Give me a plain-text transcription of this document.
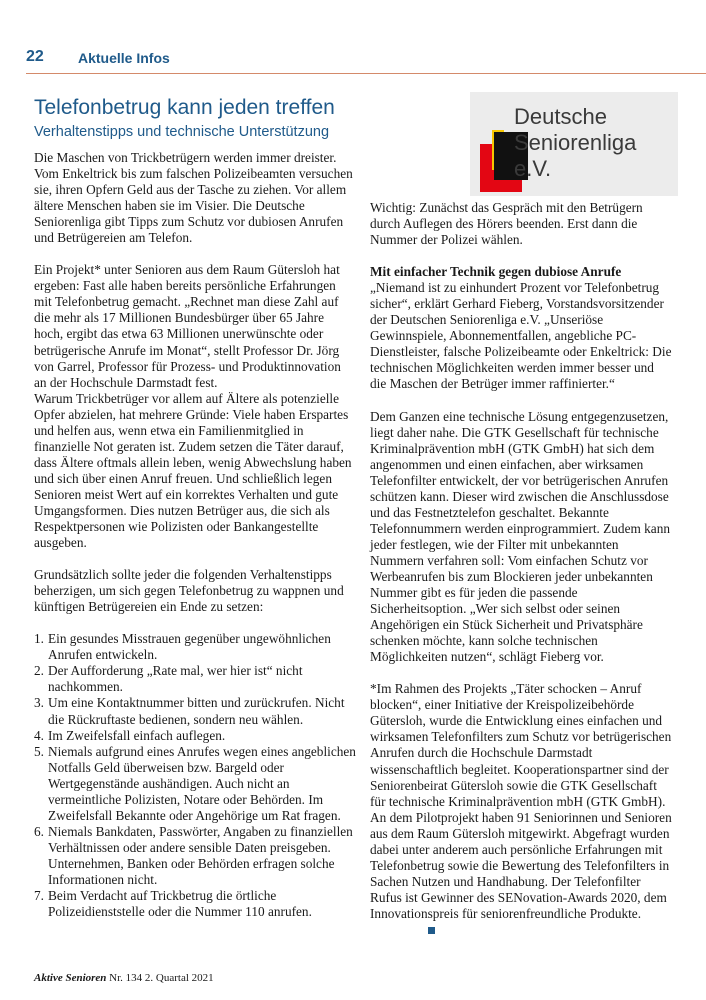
22 Aktuelle Infos
Deutsche
Seniorenliga e.V.
Telefonbetrug kann jeden treffen
Verhaltenstipps und technische Unterstützung

Die Maschen von Trickbetrügern werden immer dreister. Vom Enkeltrick bis zum falschen Polizeibeamten versuchen sie, ihren Opfern Geld aus der Tasche zu ziehen. Vor allem ältere Menschen haben sie im Visier. Die Deutsche Seniorenliga gibt Tipps zum Schutz vor dubiosen Anrufen und Betrügereien am Telefon.

Ein Projekt* unter Senioren aus dem Raum Gütersloh hat ergeben: Fast alle haben bereits persönliche Erfahrungen mit Telefonbetrug gemacht. „Rechnet man diese Zahl auf die mehr als 17 Millionen Bundesbürger über 65 Jahre hoch, ergibt das etwa 63 Millionen unerwünschte oder betrügerische Anrufe im Monat“, stellt Professor Dr. Jörg von Garrel, Professor für Prozess- und Produktinnovation an der Hochschule Darmstadt fest.

Warum Trickbetrüger vor allem auf Ältere als potenzielle Opfer abzielen, hat mehrere Gründe: Viele haben Erspartes und helfen aus, wenn etwa ein Familienmitglied in finanzielle Not geraten ist. Zudem setzen die Täter darauf, dass Ältere oftmals allein leben, wenig Abwechslung haben und sich über einen Anruf freuen. Und schließlich legen Senioren meist Wert auf ein korrektes Verhalten und gute Umgangsformen. Dies nutzen Betrüger aus, die sich als Respektpersonen wie Polizisten oder Bankangestellte ausgeben.

Grundsätzlich sollte jeder die folgenden Verhaltenstipps beherzigen, um sich gegen Telefonbetrug zu wappnen und künftigen Betrügereien ein Ende zu setzen:

1. Ein gesundes Misstrauen gegenüber ungewöhnlichen Anrufen entwickeln.
2. Der Aufforderung „Rate mal, wer hier ist“ nicht nachkommen.
3. Um eine Kontaktnummer bitten und zurückrufen. Nicht die Rückruftaste bedienen, sondern neu wählen.
4. Im Zweifelsfall einfach auflegen.
5. Niemals aufgrund eines Anrufes wegen eines angeblichen Notfalls Geld überweisen bzw. Bargeld oder Wertgegenstände aushändigen. Auch nicht an vermeintliche Polizisten, Notare oder Behörden. Im Zweifelsfall Bekannte oder Angehörige um Rat fragen.
6. Niemals Bankdaten, Passwörter, Angaben zu finanziellen Verhältnissen oder andere sensible Daten preisgeben. Unternehmen, Banken oder Behörden erfragen solche Informationen nicht.
7. Beim Verdacht auf Trickbetrug die örtliche Polizeidienststelle oder die Nummer 110 anrufen.

Wichtig: Zunächst das Gespräch mit den Betrügern durch Auflegen des Hörers beenden. Erst dann die Nummer der Polizei wählen.

Mit einfacher Technik gegen dubiose Anrufe

„Niemand ist zu einhundert Prozent vor Telefonbetrug sicher“, erklärt Gerhard Fieberg, Vorstandsvorsitzender der Deutschen Seniorenliga e.V. „Unseriöse Gewinnspiele, Abonnementfallen, angebliche PC-Dienstleister, falsche Polizeibeamte oder Enkeltrick: Die technischen Möglichkeiten werden immer besser und die Maschen der Betrüger immer raffinierter.“

Dem Ganzen eine technische Lösung entgegenzusetzen, liegt daher nahe. Die GTK Gesellschaft für technische Kriminalprävention mbH (GTK GmbH) hat sich dem angenommen und einen einfachen, aber wirksamen Telefonfilter entwickelt, der vor betrügerischen Anrufen schützen kann. Dieser wird zwischen die Anschlussdose und das Festnetztelefon geschaltet. Bekannte Telefonnummern werden einprogrammiert. Zudem kann jeder festlegen, wie der Filter mit unbekannten Nummern verfahren soll: Vom einfachen Schutz vor Werbeanrufen bis zum Blockieren jeder unbekannten Nummer gibt es für jeden die passende Sicherheitsoption. „Wer sich selbst oder seinen Angehörigen ein Stück Sicherheit und Privatsphäre schenken möchte, kann solche technischen Möglichkeiten nutzen“, schlägt Fieberg vor.

*Im Rahmen des Projekts „Täter schocken – Anruf blocken“, einer Initiative der Kreispolizeibehörde Gütersloh, wurde die Entwicklung eines einfachen und wirksamen Telefonfilters zum Schutz vor betrügerischen Anrufen durch die Hochschule Darmstadt wissenschaftlich begleitet. Kooperationspartner sind der Seniorenbeirat Gütersloh sowie die GTK Gesellschaft für technische Kriminalprävention mbH (GTK GmbH). An dem Pilotprojekt haben 91 Seniorinnen und Senioren aus dem Raum Gütersloh mitgewirkt. Abgefragt wurden dabei unter anderem auch persönliche Erfahrungen mit Telefonbetrug sowie die Bewertung des Telefonfilters in Sachen Nutzen und Handhabung. Der Telefonfilter Rufus ist Gewinner des SENovation-Awards 2020, dem Innovationspreis für seniorenfreundliche Produkte.

Aktive Senioren Nr. 134 2. Quartal 2021
